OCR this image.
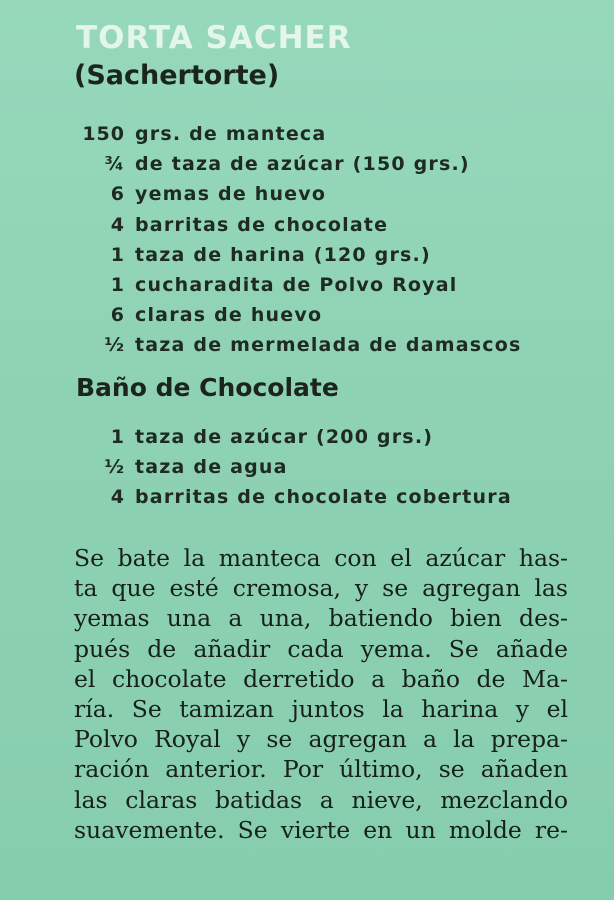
TORTA SACHER
(Sachertorte)
150 grs. de manteca
¾ de taza de azúcar (150 grs.)
6 yemas de huevo
4 barritas de chocolate
1 taza de harina (120 grs.)
1 cucharadita de Polvo Royal
6 claras de huevo
½ taza de mermelada de damascos
Baño de Chocolate
1 taza de azúcar (200 grs.)
½ taza de agua
4 barritas de chocolate cobertura

Se bate la manteca con el azúcar has-
ta que esté cremosa, y se agregan las
yemas una a una, batiendo bien des-
pués de añadir cada yema. Se añade
el chocolate derretido a baño de Ma-
ría. Se tamizan juntos la harina y el
Polvo Royal y se agregan a la prepa-
ración anterior. Por último, se añaden
las claras batidas a nieve, mezclando
suavemente. Se vierte en un molde re-
